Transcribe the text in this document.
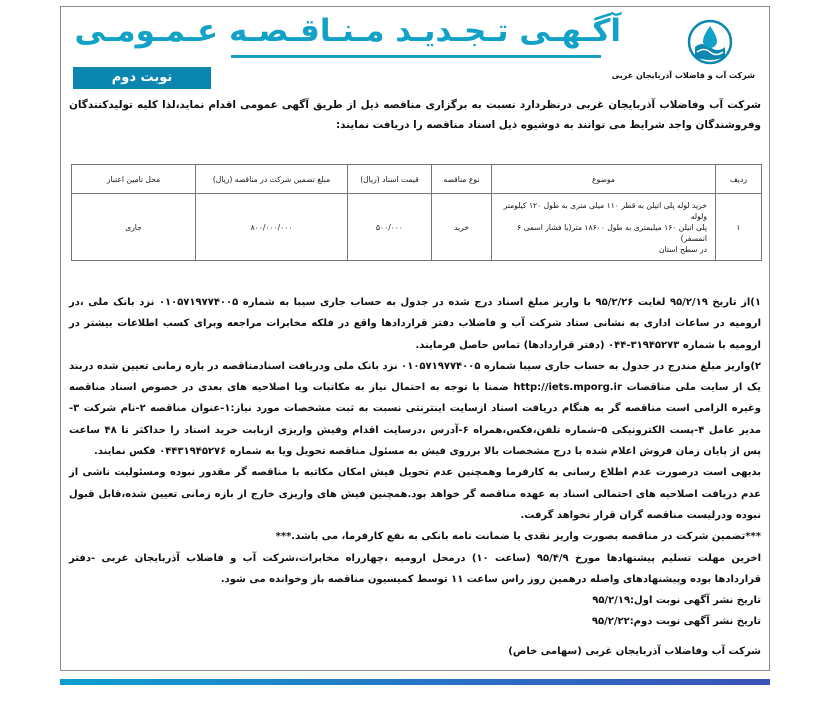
شرکت آب و فاضلاب آذربایجان غربی
آگـهـی تـجـدیـد مـنـاقـصـه عـمـومـی
نوبت دوم
شرکت آب وفاضلاب آذربایجان غربی درنظردارد نسبت به برگزاری مناقصه ذیل از طریق آگهی عمومی اقدام نماید،لذا کلیه تولیدکنندگان وفروشندگان واجد شرایط می توانند به دوشیوه ذیل اسناد مناقصه را دریافت نمایند:
ردیف	موضوع	نوع مناقصه	قیمت اسناد (ریال)	مبلغ تضمین شرکت در مناقصه (ریال)	محل تامین اعتبار
۱	خرید لوله پلی اتیلن به قطر ۱۱۰ میلی متری به طول ۱۲۰ کیلومتر ولوله
پلی اتیلن ۱۶۰ میلیمتری به طول ۱۸۶۰۰ متر(با فشار اسمی ۶ اتمسفر)
در سطح استان	خرید	۵۰۰/۰۰۰	۸۰۰/۰۰۰/۰۰۰	جاری

۱)از تاریخ ۹۵/۲/۱۹ لغایت ۹۵/۲/۲۶ با واریز مبلغ اسناد درج شده در جدول به حساب جاری سیبا به شماره ۰۱۰۵۷۱۹۷۷۴۰۰۵ نزد بانک ملی ،در ارومیه در ساعات اداری به نشانی ستاد شرکت آب و فاضلاب دفتر قراردادها واقع در فلکه مخابرات مراجعه وبرای کسب اطلاعات بیشتر در ارومیه با شماره ۳۱۹۴۵۲۷۳-۰۴۴ (دفتر قراردادها) تماس حاصل فرمایند.

۲)واریز مبلغ مندرج در جدول به حساب جاری سیبا شماره ۰۱۰۵۷۱۹۷۷۴۰۰۵ نزد بانک ملی ودریافت اسنادمناقصه در بازه زمانی تعیین شده دربند یک از سایت ملی مناقصات http://iets.mporg.ir ضمنا با توجه به احتمال نیاز به مکاتبات ویا اصلاحیه های بعدی در خصوص اسناد مناقصه وغیره الزامی است مناقصه گر به هنگام دریافت اسناد ازسایت اینترنتی نسبت به ثبت مشخصات مورد نیاز:۱-عنوان مناقصه ۲-نام شرکت ۳-مدیر عامل ۴-پست الکترونیکی ۵-شماره تلفن،فکس،همراه ۶-آدرس ،درسایت اقدام وفیش واریزی ازبابت خرید اسناد را حداکثر تا ۴۸ ساعت پس از پایان زمان فروش اعلام شده با درج مشخصات بالا برروی فیش به مسئول مناقصه تحویل ویا به شماره ۰۴۴۳۱۹۴۵۲۷۶ فکس نمایند.

بدیهی است درصورت عدم اطلاع رسانی به کارفرما وهمچنین عدم تحویل فیش امکان مکاتبه با مناقصه گر مقدور نبوده ومسئولیت ناشی از عدم دریافت اصلاحیه های احتمالی اسناد به عهده مناقصه گر خواهد بود.همچنین فیش های واریزی خارج از بازه زمانی تعیین شده،قابل قبول نبوده ودرلیست مناقصه گران قرار نخواهد گرفت.

***تضمین شرکت در مناقصه بصورت واریز نقدی یا ضمانت نامه بانکی به نفع کارفرما، می باشد.***

اخرین مهلت تسلیم پیشنهادها مورخ ۹۵/۴/۹ (ساعت ۱۰) درمحل ارومیه ،چهارراه مخابرات،شرکت آب و فاضلاب آذربایجان غربی -دفتر قراردادها بوده وپیشنهادهای واصله درهمین روز راس ساعت ۱۱ توسط کمیسیون مناقصه باز وخوانده می شود.

تاریخ نشر آگهی نوبت اول:۹۵/۲/۱۹

تاریخ نشر آگهی نوبت دوم:۹۵/۲/۲۲

شرکت آب وفاضلاب آذربایجان غربی (سهامی خاص)
